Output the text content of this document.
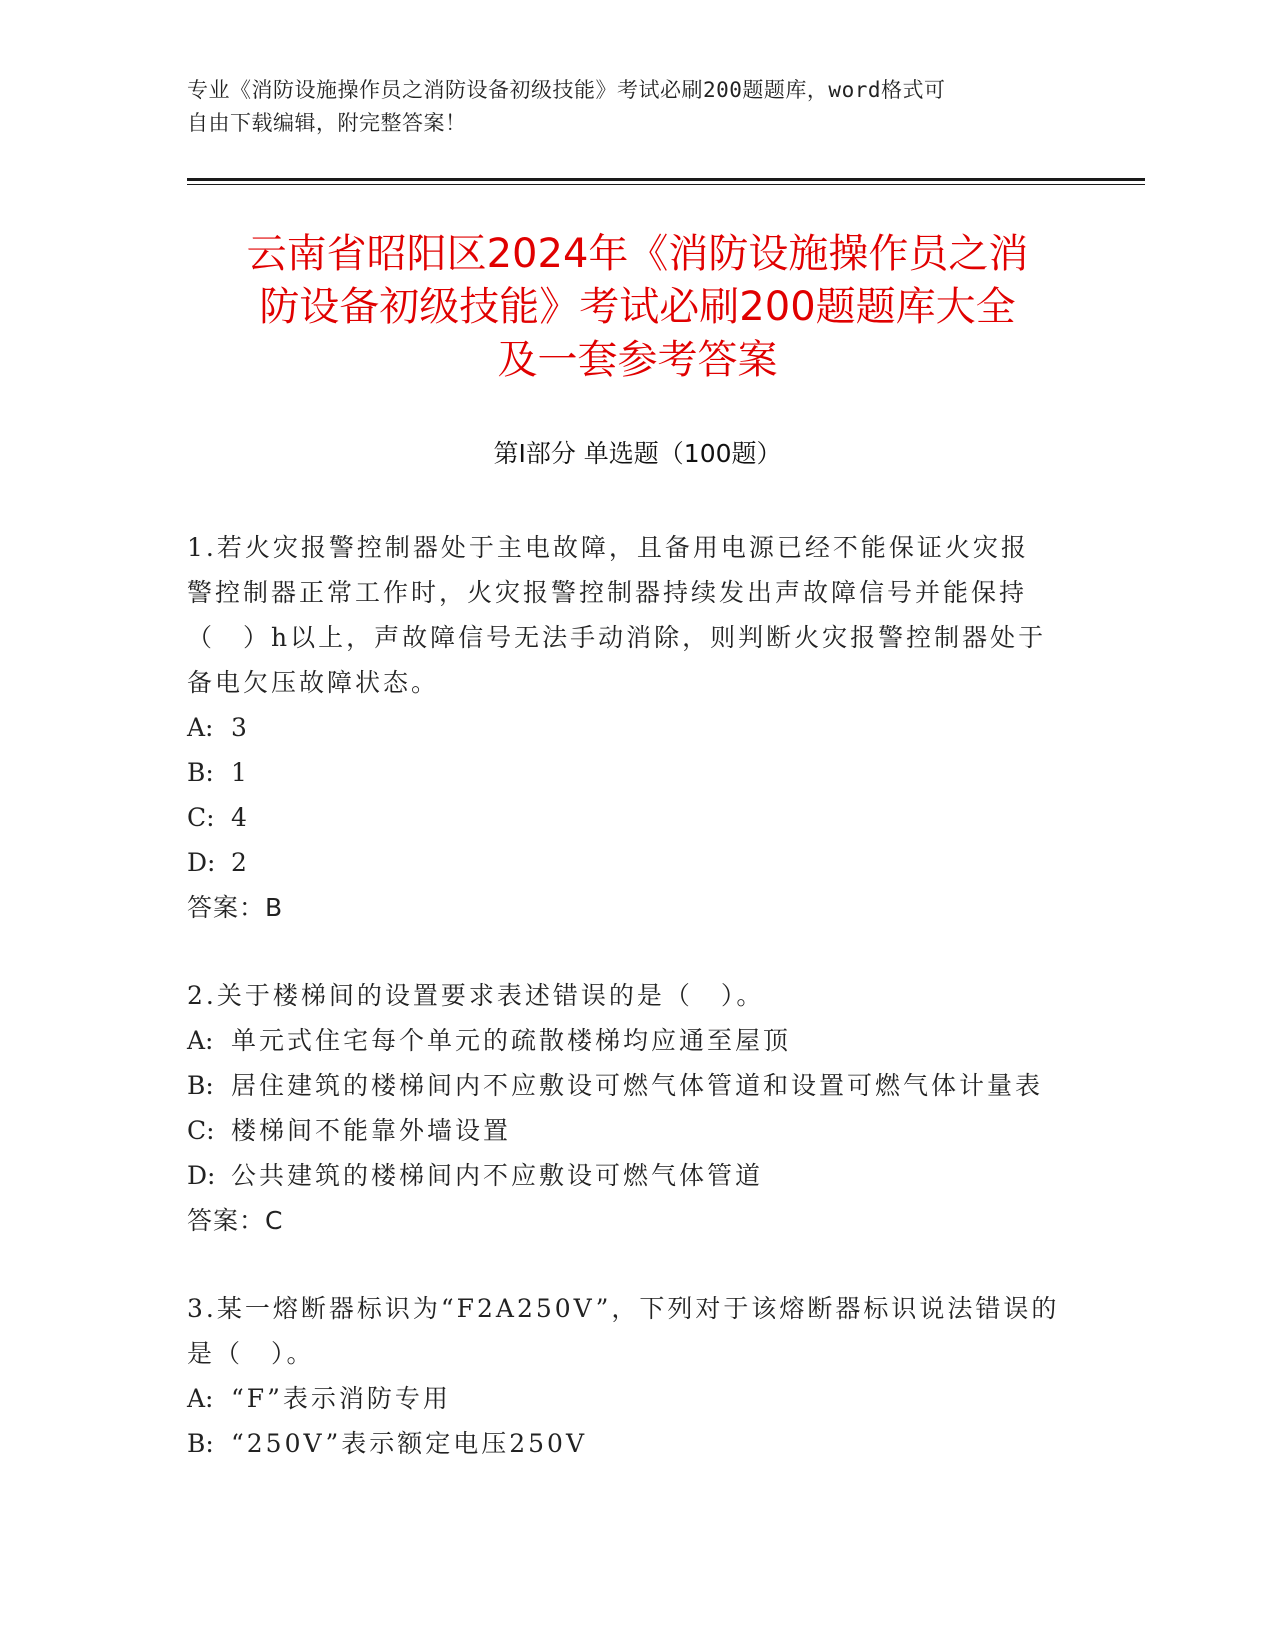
专业《消防设施操作员之消防设备初级技能》考试必刷200题题库，word格式可
自由下载编辑，附完整答案！
云南省昭阳区2024年《消防设施操作员之消
防设备初级技能》考试必刷200题题库大全
及一套参考答案
第Ⅰ部分 单选题（100题）
1.若火灾报警控制器处于主电故障，且备用电源已经不能保证火灾报
警控制器正常工作时，火灾报警控制器持续发出声故障信号并能保持
（　）h以上，声故障信号无法手动消除，则判断火灾报警控制器处于
备电欠压故障状态。
A: 3
B: 1
C: 4
D: 2
答案：B
2.关于楼梯间的设置要求表述错误的是（　）。
A: 单元式住宅每个单元的疏散楼梯均应通至屋顶
B: 居住建筑的楼梯间内不应敷设可燃气体管道和设置可燃气体计量表
C: 楼梯间不能靠外墙设置
D: 公共建筑的楼梯间内不应敷设可燃气体管道
答案：C
3.某一熔断器标识为“F2A250V”，下列对于该熔断器标识说法错误的
是（　）。
A: “F”表示消防专用
B: “250V”表示额定电压250V
